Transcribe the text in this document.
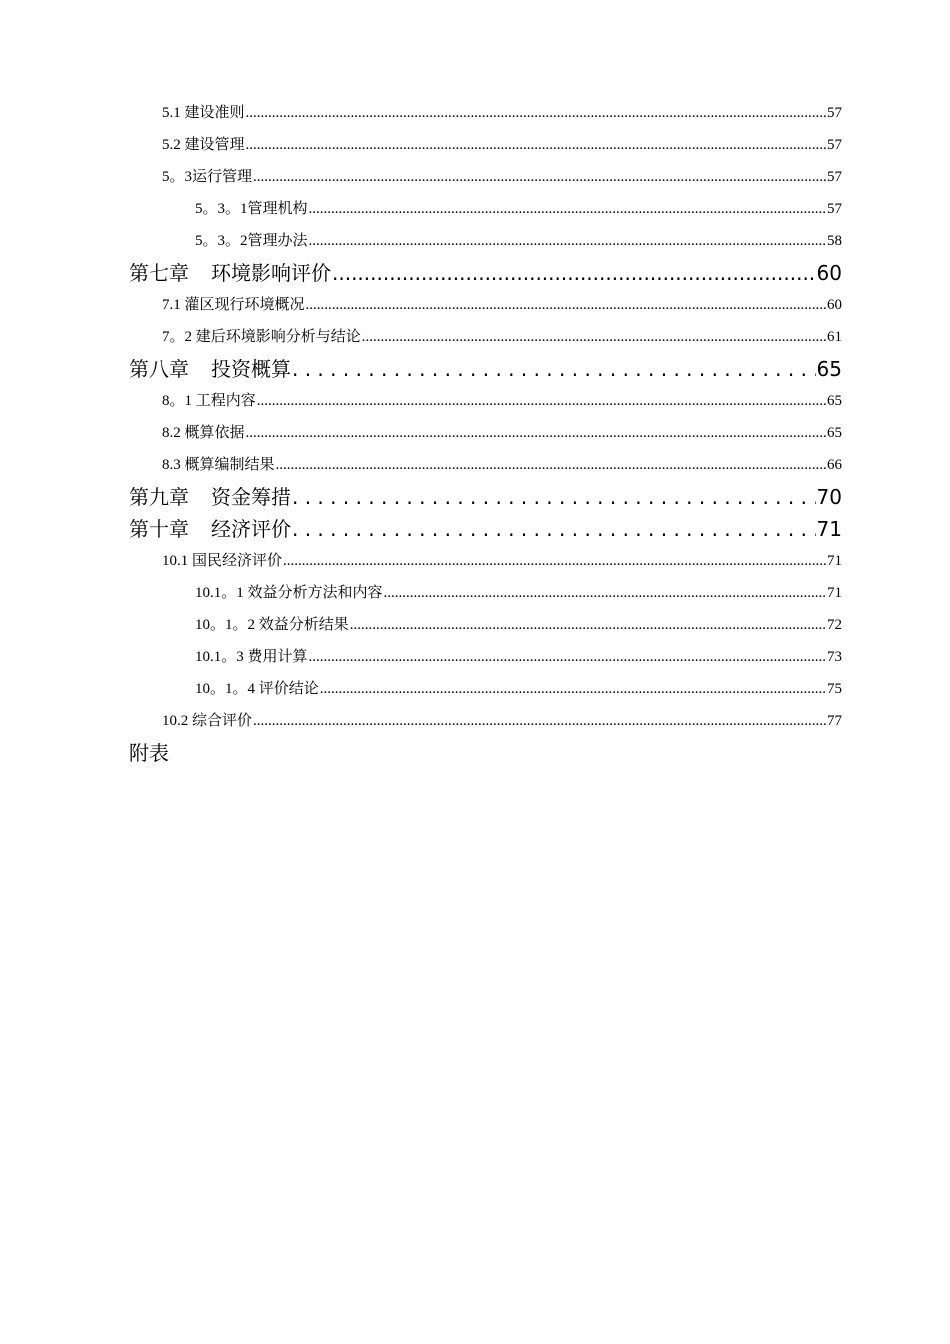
5.1 建设准则 .....	57
5.2 建设管理 .....	57
5。3运行管理 .....	57
5。3。1管理机构 .....	57
5。3。2管理办法 .....	58
第七章 环境影响评价 .....	60
7.1 灌区现行环境概况 .....	60
7。2 建后环境影响分析与结论 .....	61
第八章 投资概算 . . .	65
8。1 工程内容 .....	65
8.2 概算依据 .....	65
8.3 概算编制结果 .....	66
第九章 资金筹措 . . .	70
第十章 经济评价 . . .	71
10.1 国民经济评价 .....	71
10.1。1 效益分析方法和内容 .....	71
10。1。2 效益分析结果 .....	72
10.1。3 费用计算 .....	73
10。1。4 评价结论 .....	75
10.2 综合评价 .....	77
附表
